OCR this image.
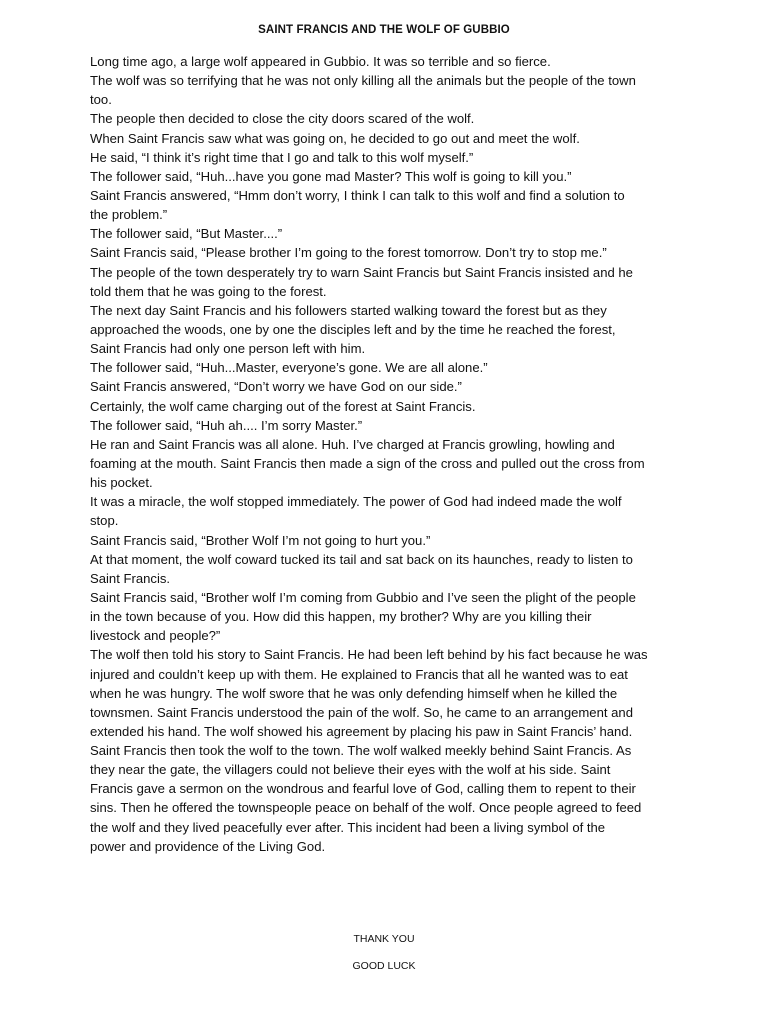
SAINT FRANCIS AND THE WOLF OF GUBBIO
Long time ago, a large wolf appeared in Gubbio. It was so terrible and so fierce.
The wolf was so terrifying that he was not only killing all the animals but the people of the town
too.
The people then decided to close the city doors scared of the wolf.
When Saint Francis saw what was going on, he decided to go out and meet the wolf.
He said, “I think it’s right time that I go and talk to this wolf myself.”
The follower said, “Huh...have you gone mad Master? This wolf is going to kill you.”
Saint Francis answered, “Hmm don’t worry, I think I can talk to this wolf and find a solution to
the problem.”
The follower said, “But Master....”
Saint Francis said, “Please brother I’m going to the forest tomorrow. Don’t try to stop me.”
The people of the town desperately try to warn Saint Francis but Saint Francis insisted and he
told them that he was going to the forest.
The next day Saint Francis and his followers started walking toward the forest but as they
approached the woods, one by one the disciples left and by the time he reached the forest,
Saint Francis had only one person left with him.
The follower said, “Huh...Master, everyone’s gone. We are all alone.”
Saint Francis answered, “Don’t worry we have God on our side.”
Certainly, the wolf came charging out of the forest at Saint Francis.
The follower said, “Huh ah.... I’m sorry Master.”
He ran and Saint Francis was all alone. Huh. I’ve charged at Francis growling, howling and
foaming at the mouth. Saint Francis then made a sign of the cross and pulled out the cross from
his pocket.
It was a miracle, the wolf stopped immediately. The power of God had indeed made the wolf
stop.
Saint Francis said, “Brother Wolf I’m not going to hurt you.”
At that moment, the wolf coward tucked its tail and sat back on its haunches, ready to listen to
Saint Francis.
Saint Francis said, “Brother wolf I’m coming from Gubbio and I’ve seen the plight of the people
in the town because of you. How did this happen, my brother? Why are you killing their
livestock and people?”
The wolf then told his story to Saint Francis. He had been left behind by his fact because he was
injured and couldn’t keep up with them. He explained to Francis that all he wanted was to eat
when he was hungry. The wolf swore that he was only defending himself when he killed the
townsmen. Saint Francis understood the pain of the wolf. So, he came to an arrangement and
extended his hand. The wolf showed his agreement by placing his paw in Saint Francis’ hand.
Saint Francis then took the wolf to the town. The wolf walked meekly behind Saint Francis. As
they near the gate, the villagers could not believe their eyes with the wolf at his side. Saint
Francis gave a sermon on the wondrous and fearful love of God, calling them to repent to their
sins. Then he offered the townspeople peace on behalf of the wolf. Once people agreed to feed
the wolf and they lived peacefully ever after. This incident had been a living symbol of the
power and providence of the Living God.
THANK YOU
GOOD LUCK
